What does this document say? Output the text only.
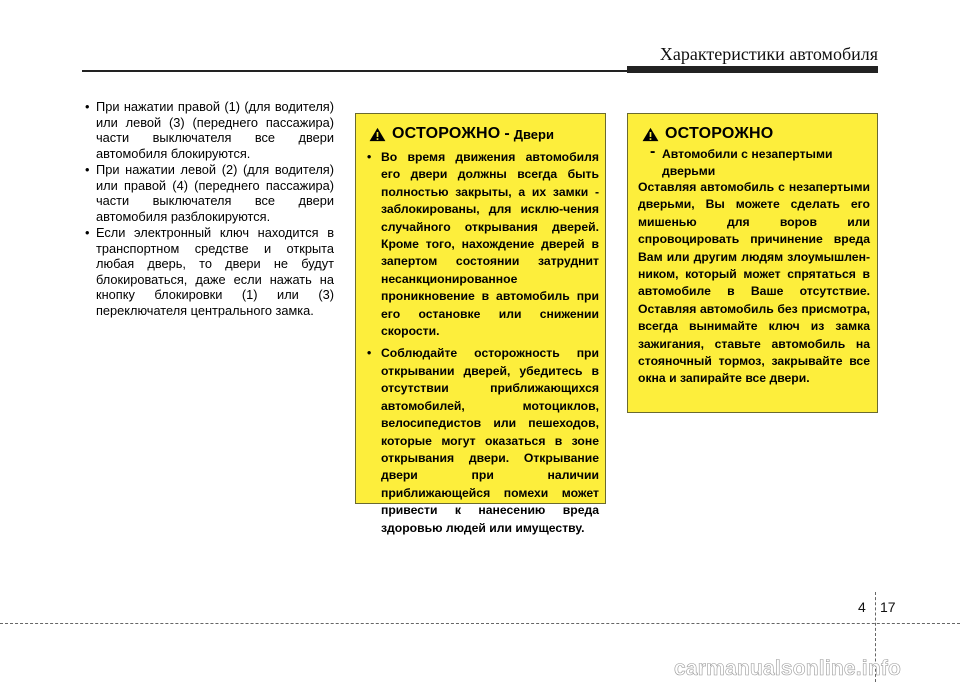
Характеристики автомобиля
• При нажатии правой (1) (для водителя) или левой (3) (переднего пассажира) части выключателя все двери автомобиля блокируются.
• При нажатии левой (2) (для водителя) или правой (4) (переднего пассажира) части выключателя все двери автомобиля разблокируются.
• Если электронный ключ находится в транспортном средстве и открыта любая дверь, то двери не будут блокироваться, даже если нажать на кнопку блокировки (1) или (3) переключателя центрального замка.
ОСТОРОЖНО - Двери
• Во время движения автомобиля его двери должны всегда быть полностью закрыты, а их замки - заблокированы, для исклю-чения случайного открывания дверей. Кроме того, нахождение дверей в запертом состоянии затруднит несанкционированное проникновение в автомобиль при его остановке или снижении скорости.
• Соблюдайте осторожность при открывании дверей, убедитесь в отсутствии приближающихся автомобилей, мотоциклов, велосипедистов или пешеходов, которые могут оказаться в зоне открывания двери. Открывание двери при наличии приближающейся помехи может привести к нанесению вреда здоровью людей или имуществу.
ОСТОРОЖНО
- Автомобили с незапертыми дверьми
Оставляя автомобиль с незапертыми дверьми, Вы можете сделать его мишенью для воров или спровоцировать причинение вреда Вам или другим людям злоумышлен-ником, который может спрятаться в автомобиле в Ваше отсутствие. Оставляя автомобиль без присмотра, всегда вынимайте ключ из замка зажигания, ставьте автомобиль на стояночный тормоз, закрывайте все окна и запирайте все двери.
4 17
carmanualsonline.info
